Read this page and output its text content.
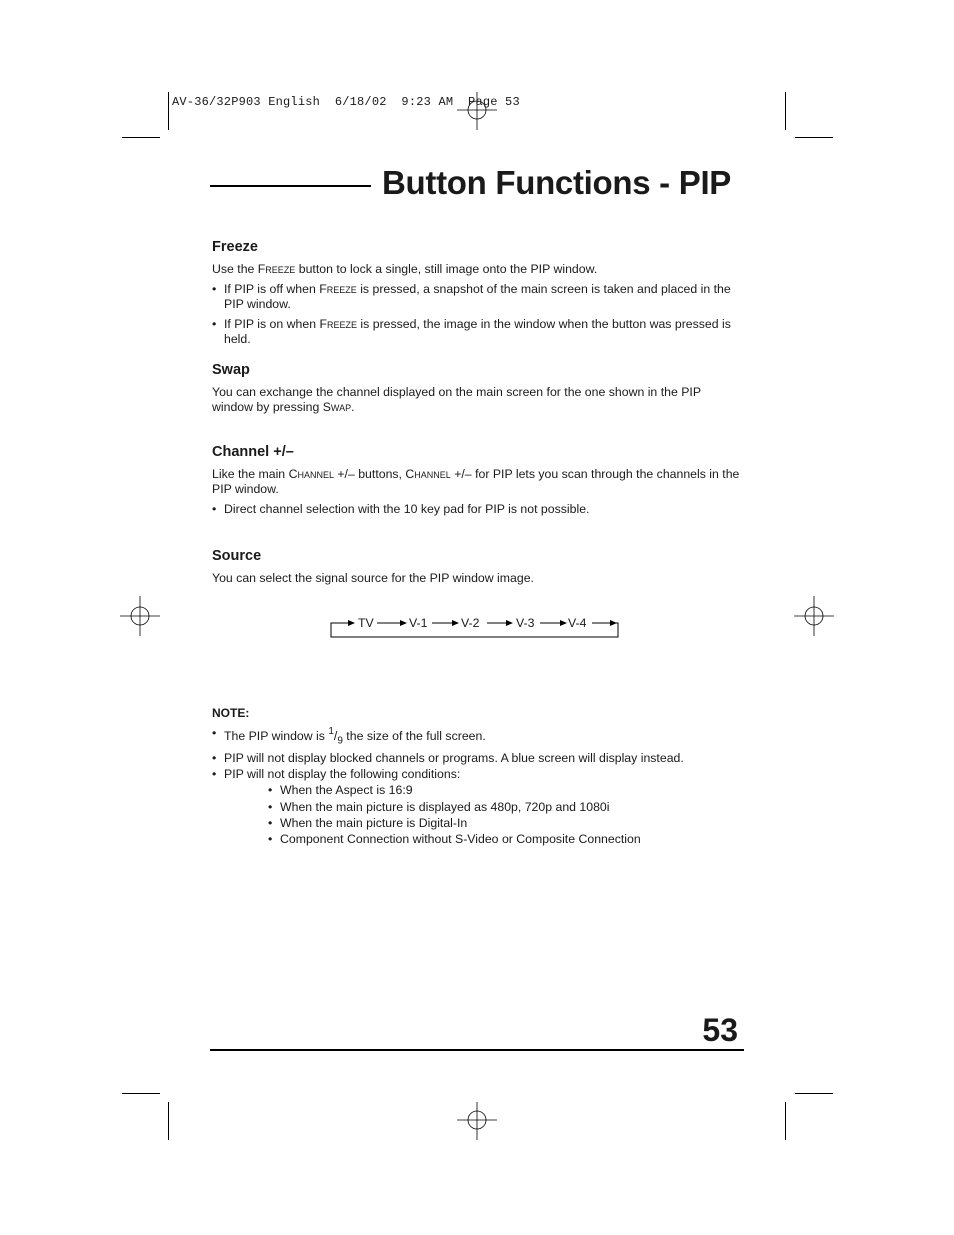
AV-36/32P903 English  6/18/02  9:23 AM  Page 53
Button Functions - PIP
Freeze

Use the Freeze button to lock a single, still image onto the PIP window.

• If PIP is off when Freeze is pressed, a snapshot of the main screen is taken and placed in the PIP window.
• If PIP is on when Freeze is pressed, the image in the window when the button was pressed is held.
Swap

You can exchange the channel displayed on the main screen for the one shown in the PIP window by pressing Swap.

Channel +/–

Like the main Channel +/– buttons, Channel +/– for PIP lets you scan through the channels in the PIP window.

• Direct channel selection with the 10 key pad for PIP is not possible.
Source

You can select the signal source for the PIP window image.

TV	V-1	V-2	V-3	V-4
NOTE:
• The PIP window is $^1/_9$ the size of the full screen.
• PIP will not display blocked channels or programs. A blue screen will display instead.
• PIP will not display the following conditions:
• When the Aspect is 16:9
• When the main picture is displayed as 480p, 720p and 1080i
• When the main picture is Digital-In
• Component Connection without S-Video or Composite Connection
53
